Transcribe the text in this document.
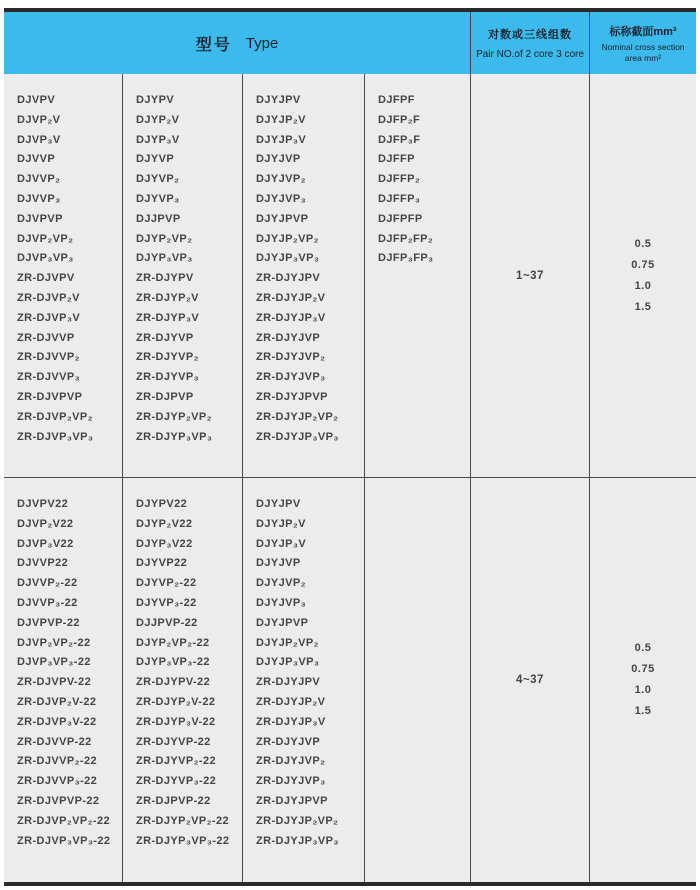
型号 Type	对数或三线组数
Pair NO.of 2 core 3 core
标称截面mm²
Nominal cross section
area mm²
DJVPV
DJVP₂V
DJVP₃V
DJVVP
DJVVP₂
DJVVP₃
DJVPVP
DJVP₂VP₂
DJVP₃VP₃
ZR-DJVPV
ZR-DJVP₂V
ZR-DJVP₃V
ZR-DJVVP
ZR-DJVVP₂
ZR-DJVVP₃
ZR-DJVPVP
ZR-DJVP₂VP₂
ZR-DJVP₃VP₃
DJYPV
DJYP₂V
DJYP₃V
DJYVP
DJYVP₂
DJYVP₃
DJJPVP
DJYP₂VP₂
DJYP₃VP₃
ZR-DJYPV
ZR-DJYP₂V
ZR-DJYP₃V
ZR-DJYVP
ZR-DJYVP₂
ZR-DJYVP₃
ZR-DJPVP
ZR-DJYP₂VP₂
ZR-DJYP₃VP₃
DJYJPV
DJYJP₂V
DJYJP₃V
DJYJVP
DJYJVP₂
DJYJVP₃
DJYJPVP
DJYJP₂VP₂
DJYJP₃VP₃
ZR-DJYJPV
ZR-DJYJP₂V
ZR-DJYJP₃V
ZR-DJYJVP
ZR-DJYJVP₂
ZR-DJYJVP₃
ZR-DJYJPVP
ZR-DJYJP₂VP₂
ZR-DJYJP₃VP₃
DJFPF
DJFP₂F
DJFP₃F
DJFFP
DJFFP₂
DJFFP₃
DJFPFP
DJFP₂FP₂
DJFP₃FP₃
1~37
0.5
0.75
1.0
1.5
DJVPV22
DJVP₂V22
DJVP₃V22
DJVVP22
DJVVP₂-22
DJVVP₃-22
DJVPVP-22
DJVP₂VP₂-22
DJVP₃VP₃-22
ZR-DJVPV-22
ZR-DJVP₂V-22
ZR-DJVP₃V-22
ZR-DJVVP-22
ZR-DJVVP₂-22
ZR-DJVVP₃-22
ZR-DJVPVP-22
ZR-DJVP₂VP₂-22
ZR-DJVP₃VP₃-22
DJYPV22
DJYP₂V22
DJYP₃V22
DJYVP22
DJYVP₂-22
DJYVP₃-22
DJJPVP-22
DJYP₂VP₂-22
DJYP₃VP₃-22
ZR-DJYPV-22
ZR-DJYP₂V-22
ZR-DJYP₃V-22
ZR-DJYVP-22
ZR-DJYVP₂-22
ZR-DJYVP₃-22
ZR-DJPVP-22
ZR-DJYP₂VP₂-22
ZR-DJYP₃VP₃-22
DJYJPV
DJYJP₂V
DJYJP₃V
DJYJVP
DJYJVP₂
DJYJVP₃
DJYJPVP
DJYJP₂VP₂
DJYJP₃VP₃
ZR-DJYJPV
ZR-DJYJP₂V
ZR-DJYJP₃V
ZR-DJYJVP
ZR-DJYJVP₂
ZR-DJYJVP₃
ZR-DJYJPVP
ZR-DJYJP₂VP₂
ZR-DJYJP₃VP₃
4~37
0.5
0.75
1.0
1.5
